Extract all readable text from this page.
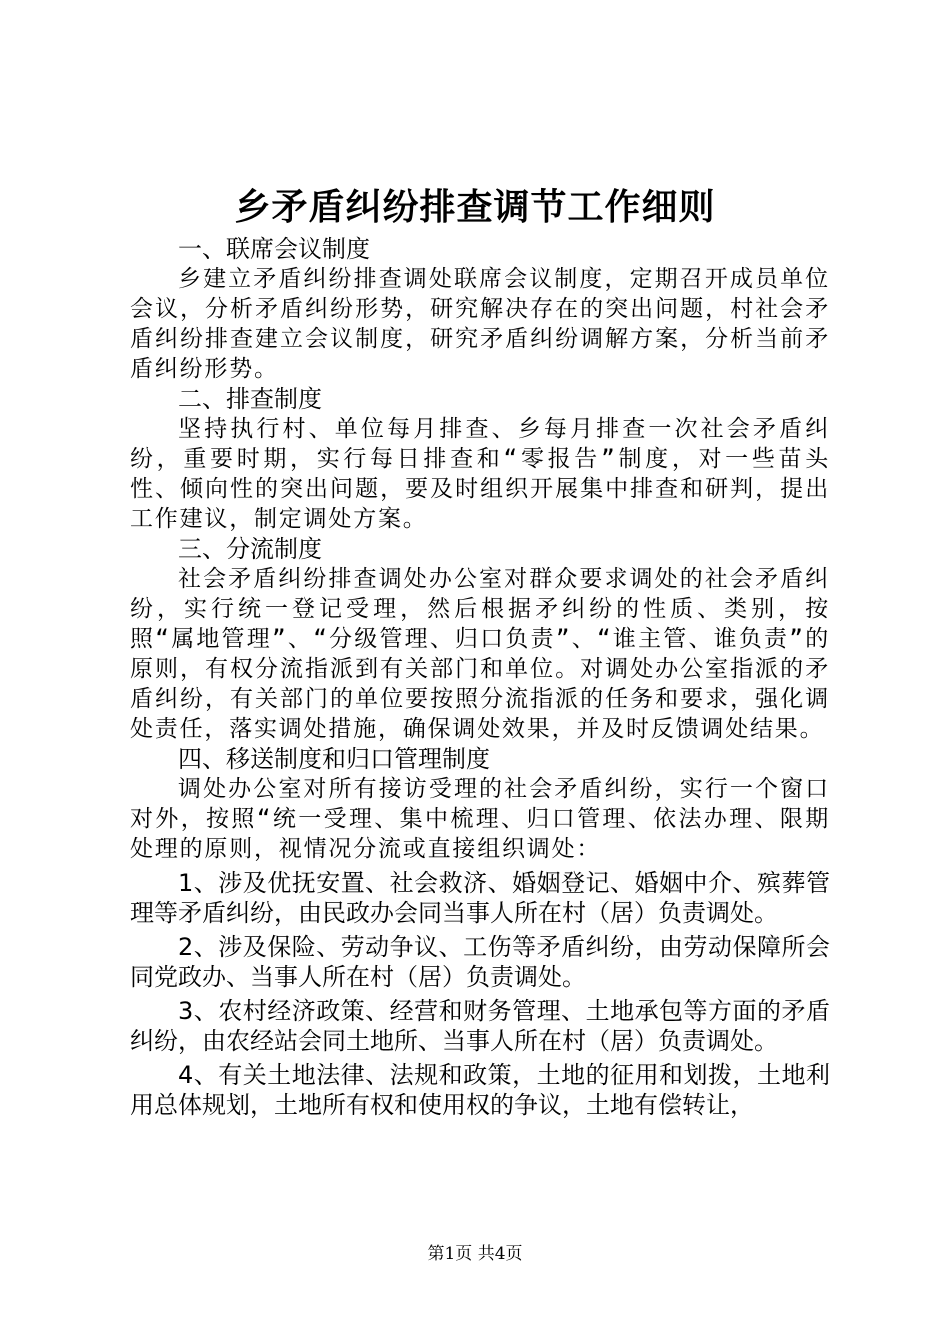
乡矛盾纠纷排查调节工作细则
一、联席会议制度

乡建立矛盾纠纷排查调处联席会议制度，定期召开成员单位会议，分析矛盾纠纷形势，研究解决存在的突出问题，村社会矛盾纠纷排查建立会议制度，研究矛盾纠纷调解方案，分析当前矛盾纠纷形势。

二、排查制度

坚持执行村、单位每月排查、乡每月排查一次社会矛盾纠纷，重要时期，实行每日排查和“零报告”制度，对一些苗头性、倾向性的突出问题，要及时组织开展集中排查和研判，提出工作建议，制定调处方案。

三、分流制度

社会矛盾纠纷排查调处办公室对群众要求调处的社会矛盾纠纷，实行统一登记受理，然后根据矛纠纷的性质、类别，按照“属地管理”、“分级管理、归口负责”、“谁主管、谁负责”的原则，有权分流指派到有关部门和单位。对调处办公室指派的矛盾纠纷，有关部门的单位要按照分流指派的任务和要求，强化调处责任，落实调处措施，确保调处效果，并及时反馈调处结果。

四、移送制度和归口管理制度

调处办公室对所有接访受理的社会矛盾纠纷，实行一个窗口对外，按照“统一受理、集中梳理、归口管理、依法办理、限期处理的原则，视情况分流或直接组织调处：

1、涉及优抚安置、社会救济、婚姻登记、婚姻中介、殡葬管理等矛盾纠纷，由民政办会同当事人所在村（居）负责调处。

2、涉及保险、劳动争议、工伤等矛盾纠纷，由劳动保障所会同党政办、当事人所在村（居）负责调处。

3、农村经济政策、经营和财务管理、土地承包等方面的矛盾纠纷，由农经站会同土地所、当事人所在村（居）负责调处。

4、有关土地法律、法规和政策，土地的征用和划拨，土地利用总体规划，土地所有权和使用权的争议，土地有偿转让，

第1页 共4页
